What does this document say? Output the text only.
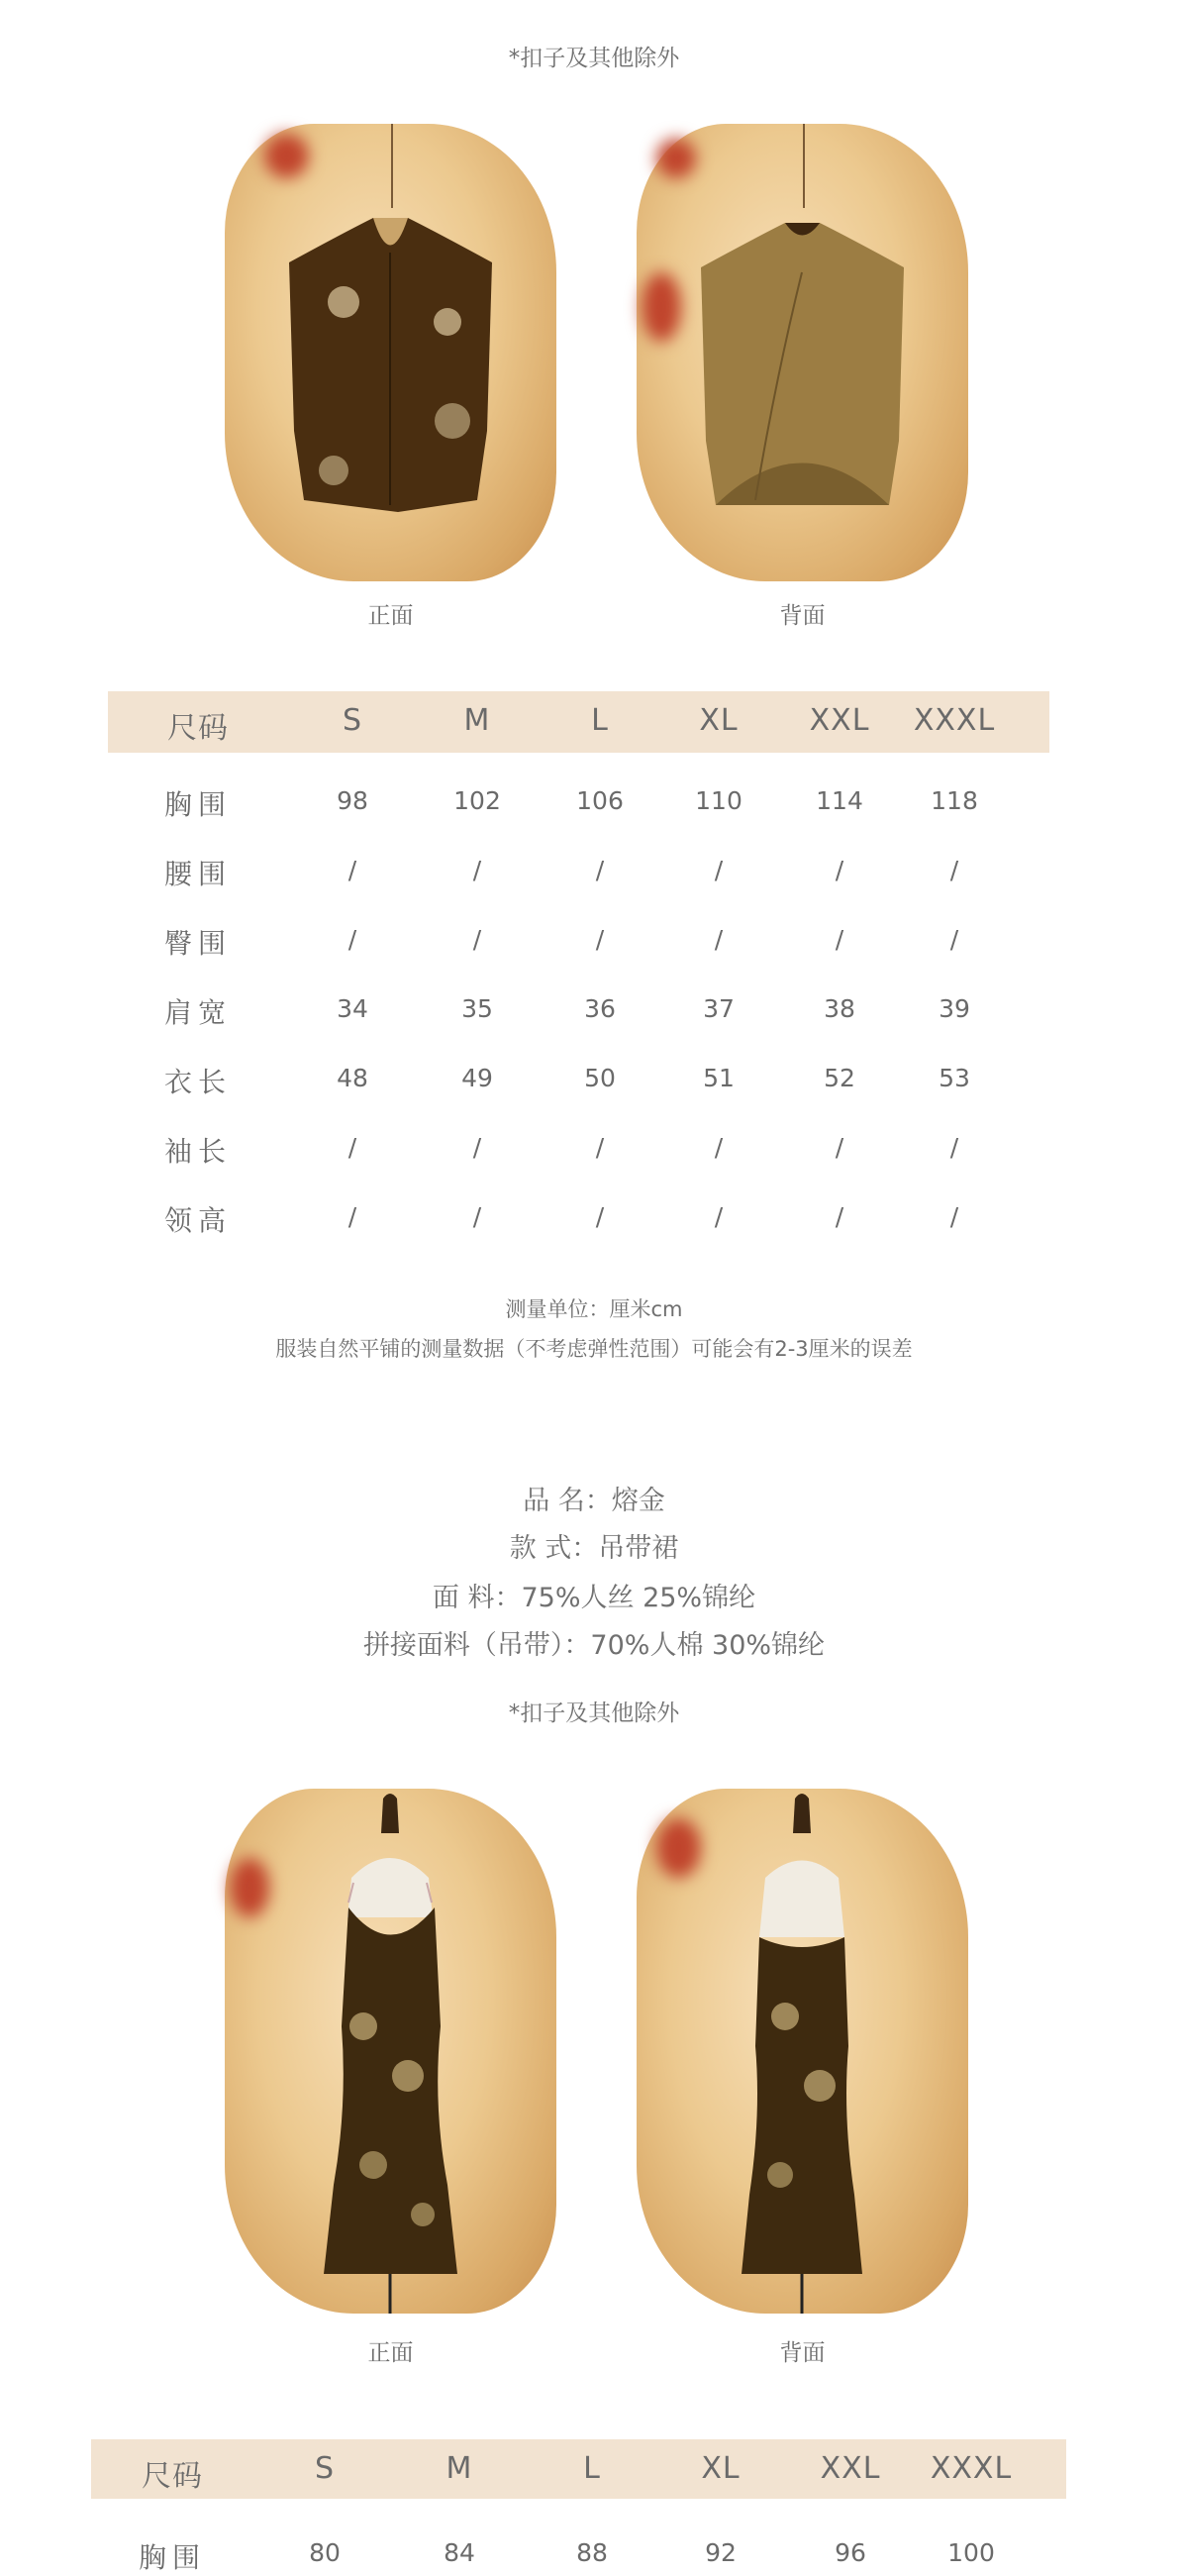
*扣子及其他除外
正面	背面
尺码	S	M	L	XL XXL XXXL
胸围	98	102	106	110	114	118
腰围	/	/	/	/	/	/
臀围	/	/	/	/	/	/
肩宽	34	35	36	37	38	39
衣长	48	49	50	51	52	53
袖长	/	/	/	/	/	/
领高	/	/	/	/	/	/
测量单位：厘米cm
服装自然平铺的测量数据（不考虑弹性范围）可能会有2-3厘米的误差
品 名：熔金
款 式：吊带裙
面 料：75%人丝 25%锦纶
拼接面料（吊带）：70%人棉 30%锦纶
*扣子及其他除外
正面	背面
尺码	S	M	L	XL	XXL XXXL
胸围	80	84	88	92	96	100
